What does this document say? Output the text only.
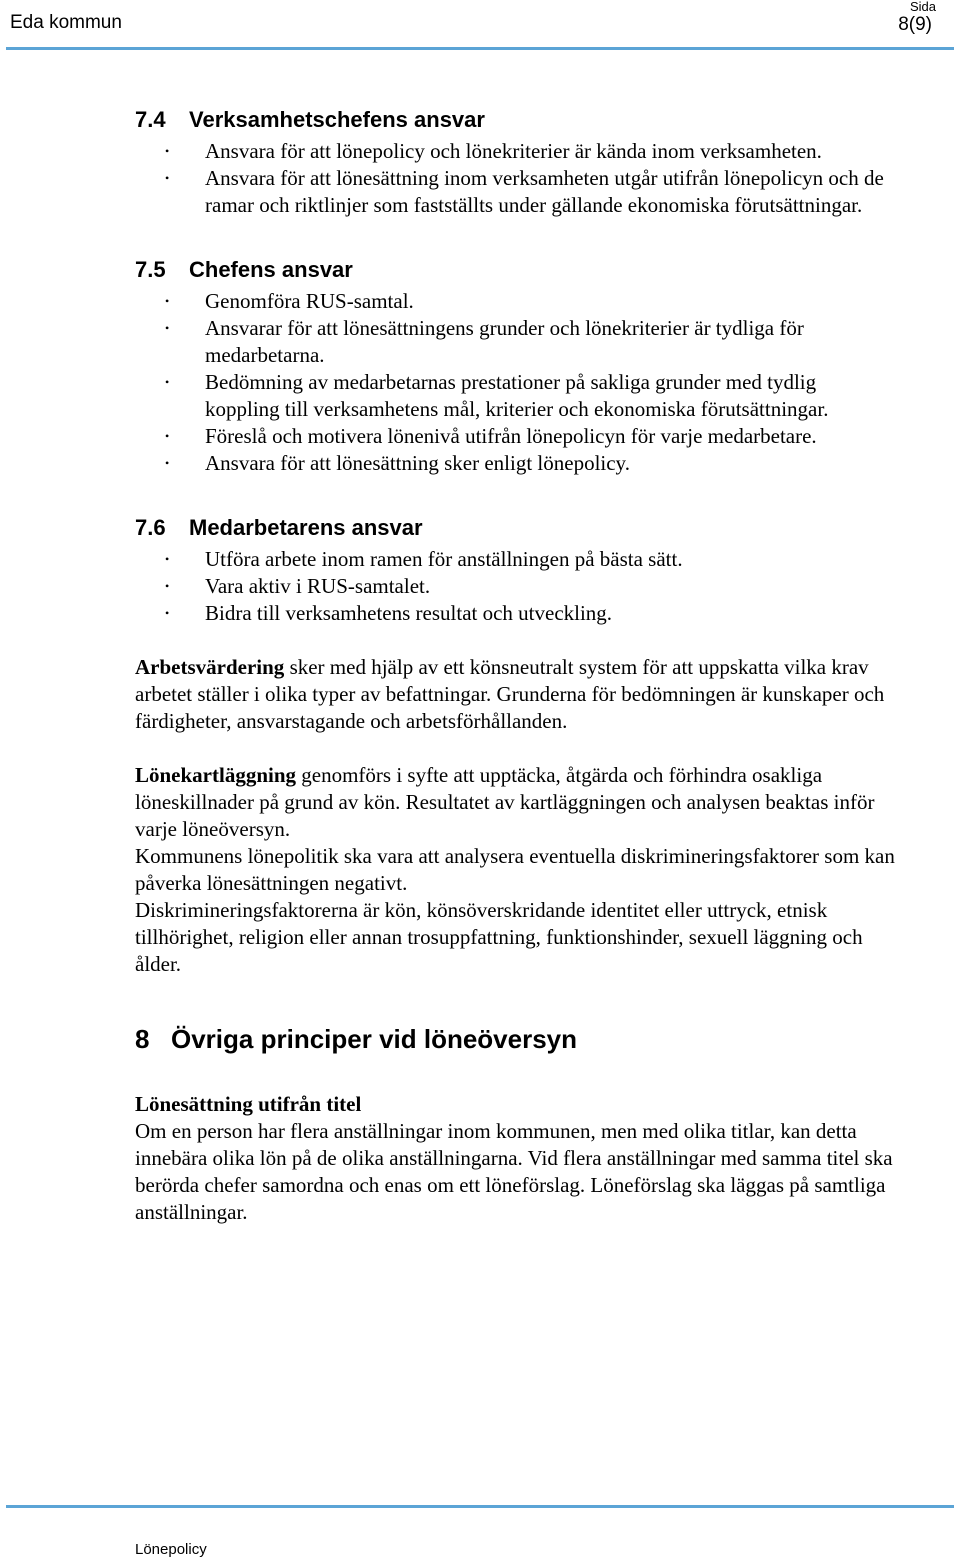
Eda kommun
Sida
8(9)
7.4 Verksamhetschefens ansvar
• Ansvara för att lönepolicy och lönekriterier är kända inom verksamheten.
• Ansvara för att lönesättning inom verksamheten utgår utifrån lönepolicyn och de ramar och riktlinjer som fastställts under gällande ekonomiska förutsättningar.
7.5 Chefens ansvar
• Genomföra RUS-samtal.
• Ansvarar för att lönesättningens grunder och lönekriterier är tydliga för medarbetarna.
• Bedömning av medarbetarnas prestationer på sakliga grunder med tydlig koppling till verksamhetens mål, kriterier och ekonomiska förutsättningar.
• Föreslå och motivera lönenivå utifrån lönepolicyn för varje medarbetare.
• Ansvara för att lönesättning sker enligt lönepolicy.
7.6 Medarbetarens ansvar
• Utföra arbete inom ramen för anställningen på bästa sätt.
• Vara aktiv i RUS-samtalet.
• Bidra till verksamhetens resultat och utveckling.

Arbetsvärdering sker med hjälp av ett könsneutralt system för att uppskatta vilka krav arbetet ställer i olika typer av befattningar. Grunderna för bedömningen är kunskaper och färdigheter, ansvarstagande och arbetsförhållanden.

Lönekartläggning genomförs i syfte att upptäcka, åtgärda och förhindra osakliga löneskillnader på grund av kön. Resultatet av kartläggningen och analysen beaktas inför varje löneöversyn.

Kommunens lönepolitik ska vara att analysera eventuella diskrimineringsfaktorer som kan påverka lönesättningen negativt.

Diskrimineringsfaktorerna är kön, könsöverskridande identitet eller uttryck, etnisk tillhörighet, religion eller annan trosuppfattning, funktionshinder, sexuell läggning och ålder.

8 Övriga principer vid löneöversyn

Lönesättning utifrån titel

Om en person har flera anställningar inom kommunen, men med olika titlar, kan detta innebära olika lön på de olika anställningarna. Vid flera anställningar med samma titel ska berörda chefer samordna och enas om ett löneförslag. Löneförslag ska läggas på samtliga anställningar.

Lönepolicy
